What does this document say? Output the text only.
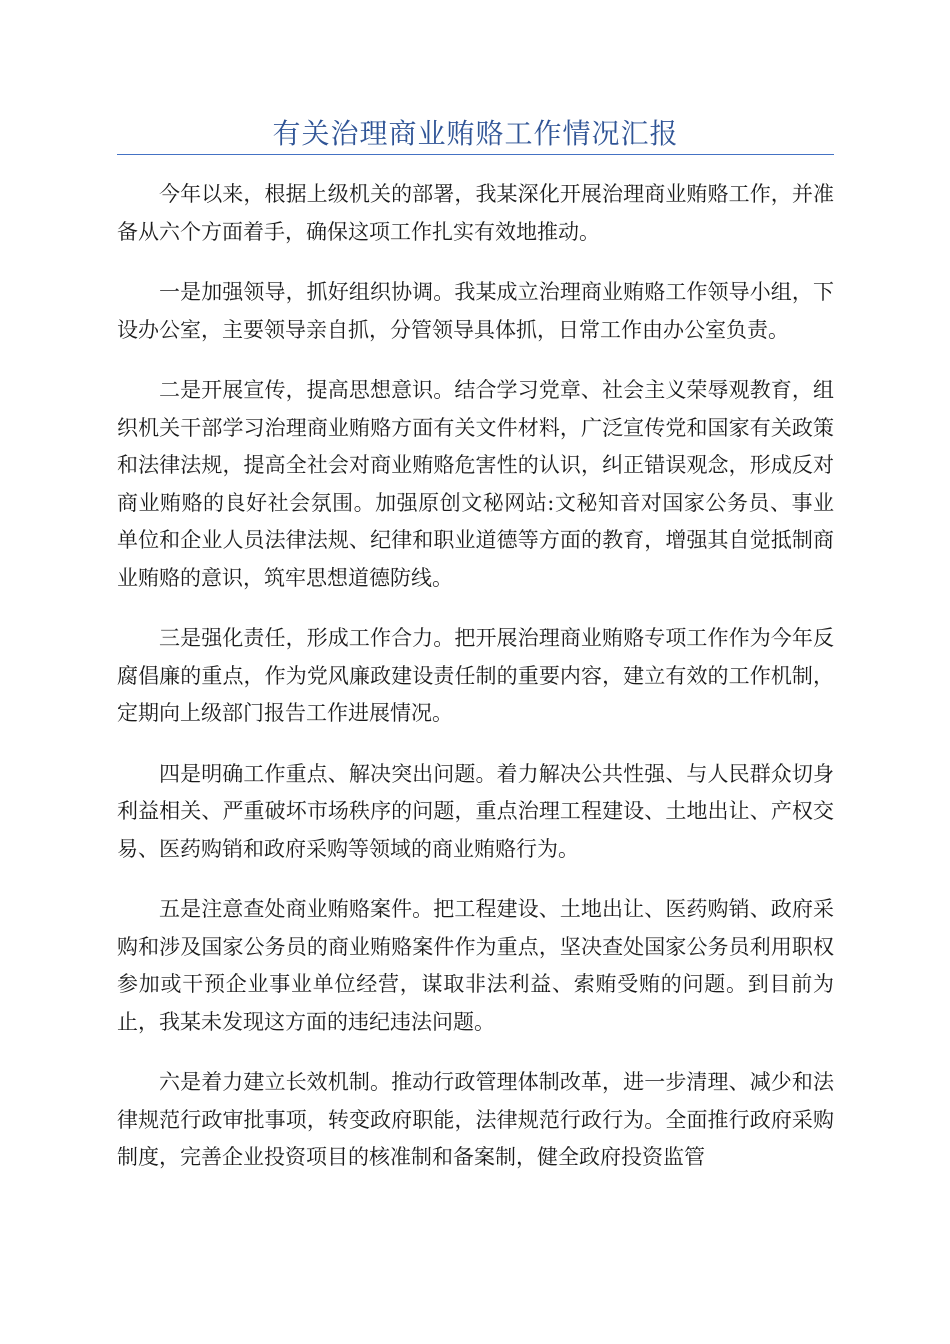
有关治理商业贿赂工作情况汇报

今年以来，根据上级机关的部署，我某深化开展治理商业贿赂工作，并准备从六个方面着手，确保这项工作扎实有效地推动。

一是加强领导，抓好组织协调。我某成立治理商业贿赂工作领导小组，下设办公室，主要领导亲自抓，分管领导具体抓，日常工作由办公室负责。

二是开展宣传，提高思想意识。结合学习党章、社会主义荣辱观教育，组织机关干部学习治理商业贿赂方面有关文件材料，广泛宣传党和国家有关政策和法律法规，提高全社会对商业贿赂危害性的认识，纠正错误观念，形成反对商业贿赂的良好社会氛围。加强原创文秘网站:文秘知音对国家公务员、事业单位和企业人员法律法规、纪律和职业道德等方面的教育，增强其自觉抵制商业贿赂的意识，筑牢思想道德防线。

三是强化责任，形成工作合力。把开展治理商业贿赂专项工作作为今年反腐倡廉的重点，作为党风廉政建设责任制的重要内容，建立有效的工作机制，定期向上级部门报告工作进展情况。

四是明确工作重点、解决突出问题。着力解决公共性强、与人民群众切身利益相关、严重破坏市场秩序的问题，重点治理工程建设、土地出让、产权交易、医药购销和政府采购等领域的商业贿赂行为。

五是注意查处商业贿赂案件。把工程建设、土地出让、医药购销、政府采购和涉及国家公务员的商业贿赂案件作为重点，坚决查处国家公务员利用职权参加或干预企业事业单位经营，谋取非法利益、索贿受贿的问题。到目前为止，我某未发现这方面的违纪违法问题。

六是着力建立长效机制。推动行政管理体制改革，进一步清理、减少和法律规范行政审批事项，转变政府职能，法律规范行政行为。全面推行政府采购制度，完善企业投资项目的核准制和备案制，健全政府投资监管
